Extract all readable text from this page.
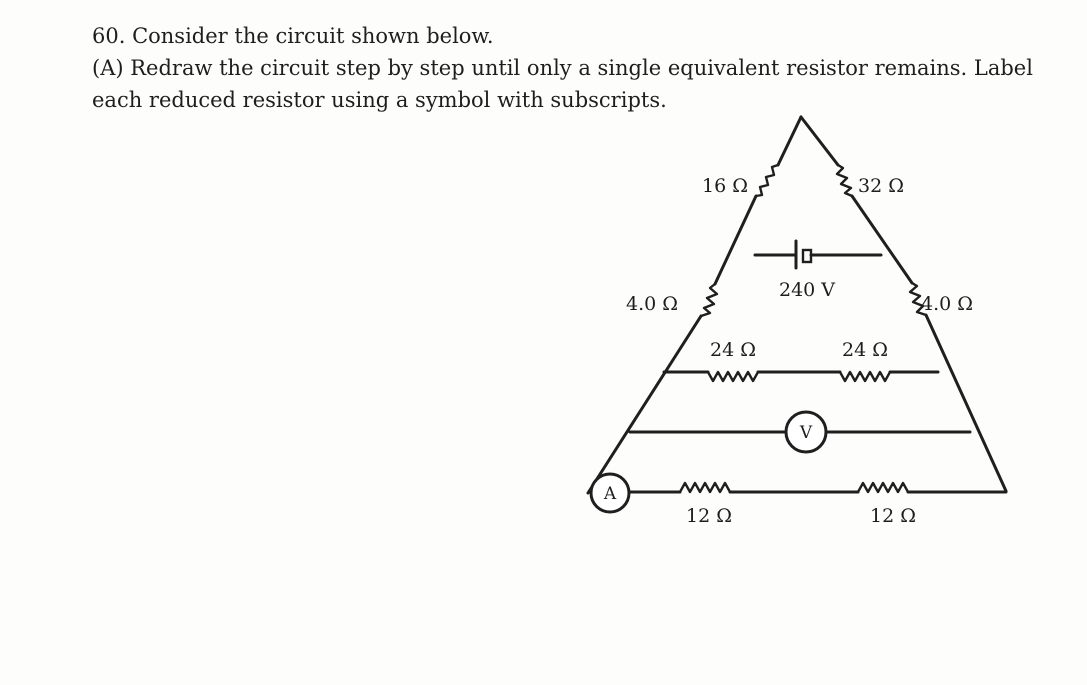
60. Consider the circuit shown below.

(A) Redraw the circuit step by step until only a single equivalent resistor remains. Label

each reduced resistor using a symbol with subscripts.

V
A
16 Ω	32 Ω
240 V
4.0 Ω	4.0 Ω
24 Ω	24 Ω
12 Ω	12 Ω
